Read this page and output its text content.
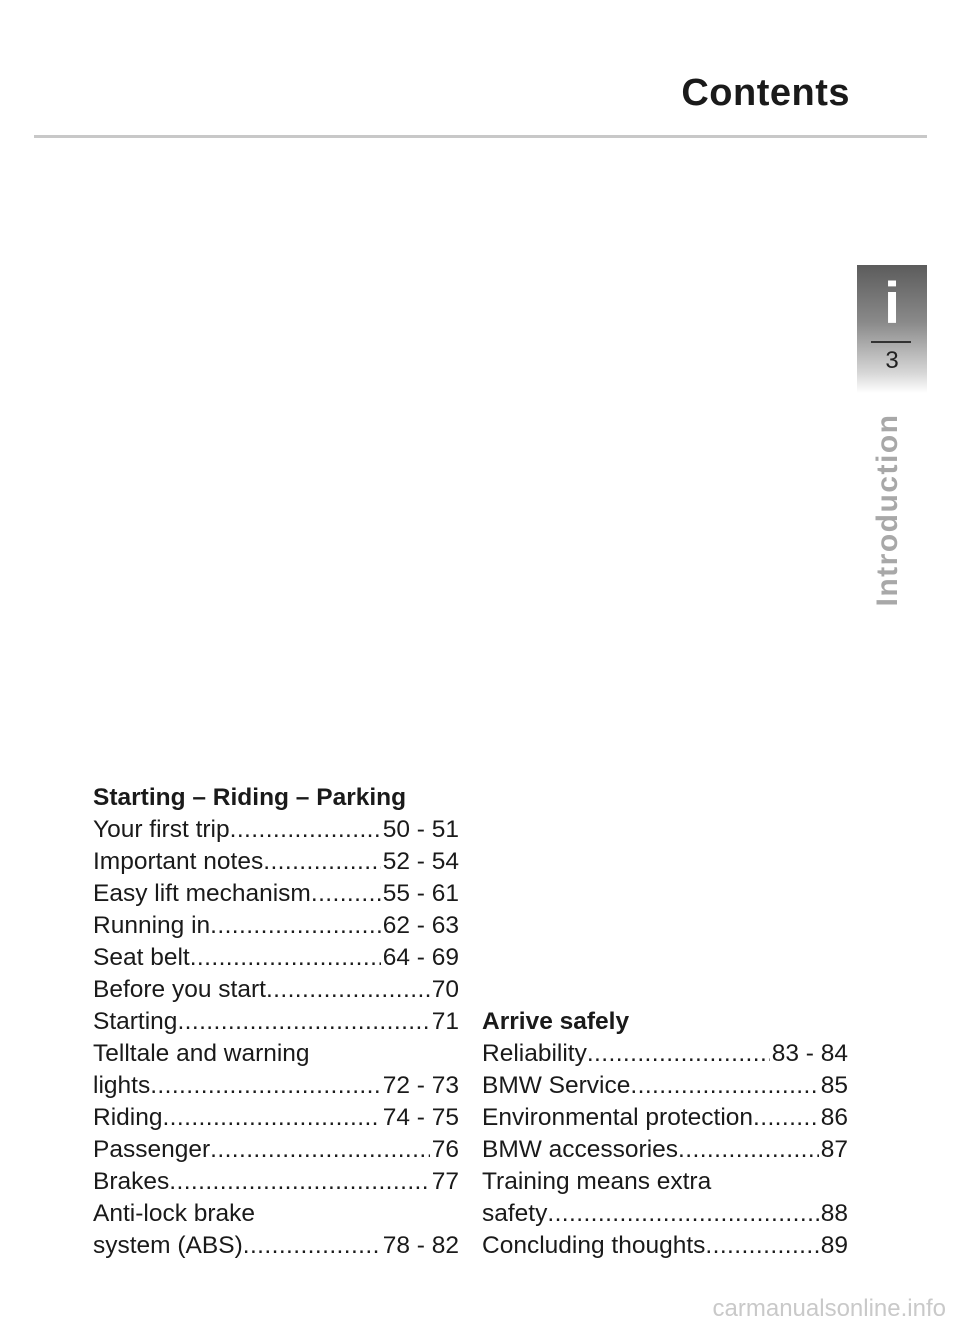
Contents
i
3
Introduction
Starting – Riding – Parking
Your first trip . . .	50 - 51
Important notes . . .	52 - 54
Easy lift mechanism . . .	55 - 61
Running in . . .	62 - 63
Seat belt . . .	64 - 69
Before you start . . .	70
Starting . . .	71
Telltale and warning
lights . . .	72 - 73
Riding . . .	74 - 75
Passenger . . .	76
Brakes . . .	77
Anti-lock brake
system (ABS) . . .	78 - 82
Arrive safely
Reliability . . .	83 - 84
BMW Service . . .	85
Environmental protection . . .	86
BMW accessories . . .	87
Training means extra
safety . . .	88
Concluding thoughts . . .	89
carmanualsonline.info
